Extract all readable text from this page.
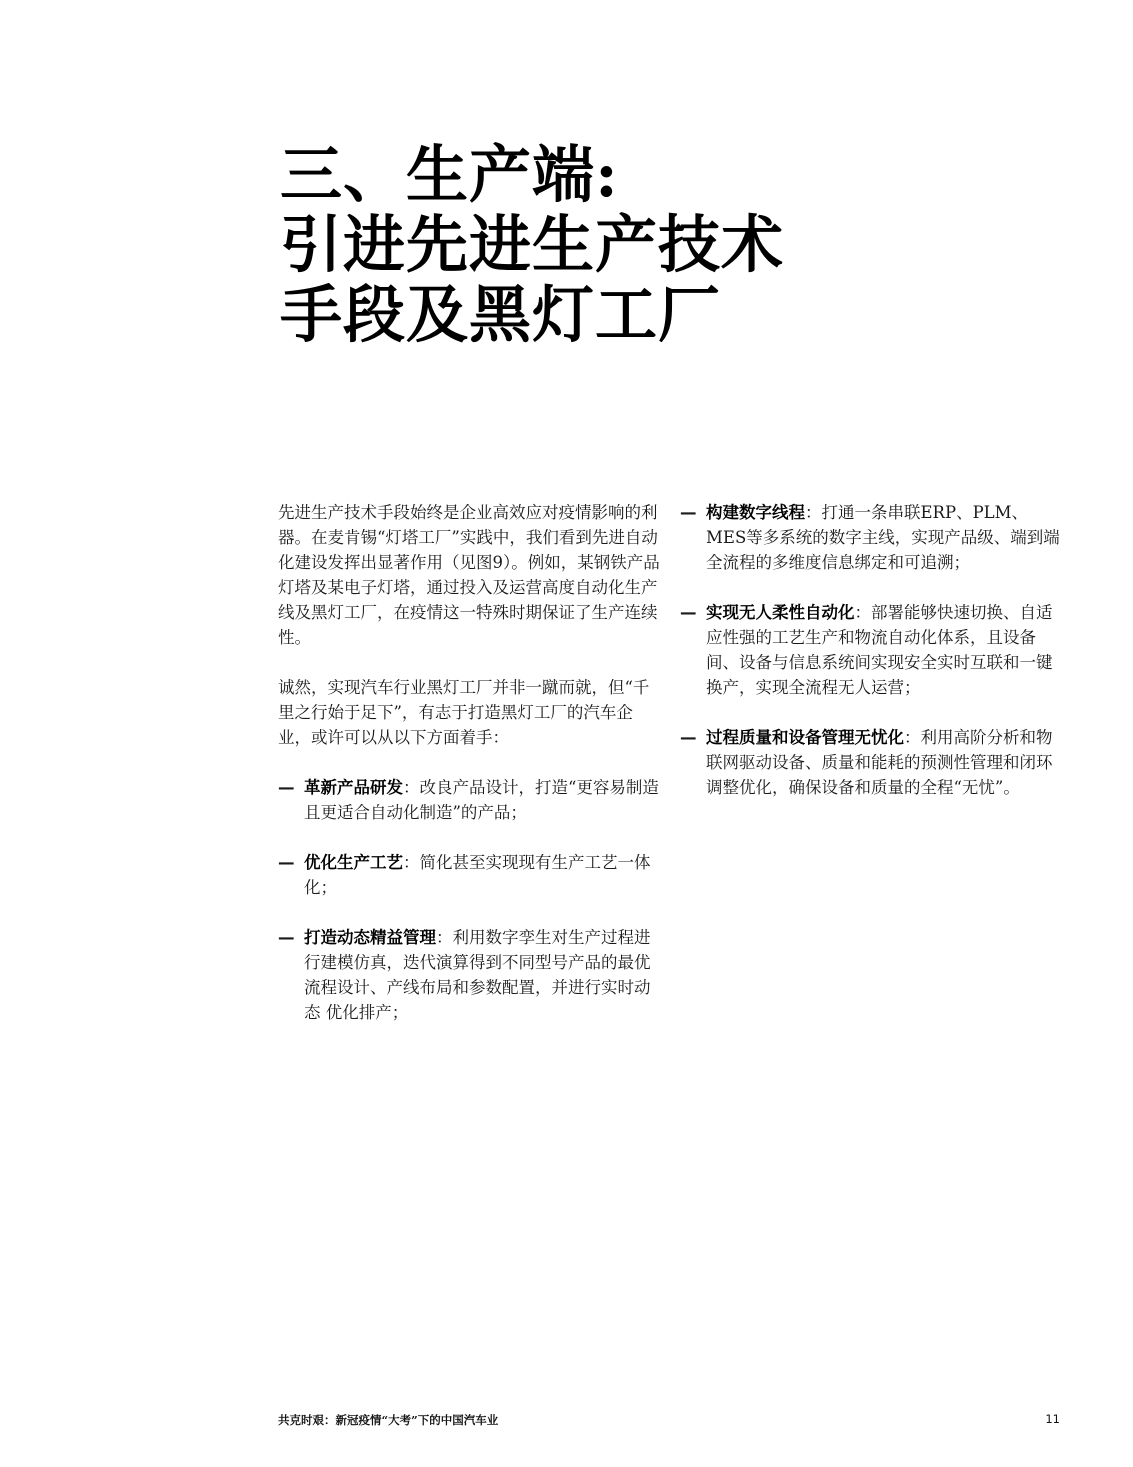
三、生产端:
引进先进生产技术
手段及黑灯工厂

先进生产技术手段始终是企业高效应对疫情影响的利器。在麦肯锡“灯塔工厂”实践中，我们看到先进自动化建设发挥出显著作用（见图9）。例如，某钢铁产品灯塔及某电子灯塔，通过投入及运营高度自动化生产线及黑灯工厂，在疫情这一特殊时期保证了生产连续性。

诚然，实现汽车行业黑灯工厂并非一蹴而就，但“千里之行始于足下”，有志于打造黑灯工厂的汽车企业，或许可以从以下方面着手：

— 革新产品研发：改良产品设计，打造“更容易制造且更适合自动化制造”的产品；
— 优化生产工艺：简化甚至实现现有生产工艺一体化；
— 打造动态精益管理：利用数字孪生对生产过程进行建模仿真，迭代演算得到不同型号产品的最优流程设计、产线布局和参数配置，并进行实时动态 优化排产；
— 构建数字线程：打通一条串联ERP、PLM、MES等多系统的数字主线，实现产品级、端到端全流程的多维度信息绑定和可追溯；
— 实现无人柔性自动化：部署能够快速切换、自适应性强的工艺生产和物流自动化体系，且设备间、设备与信息系统间实现安全实时互联和一键换产，实现全流程无人运营；
— 过程质量和设备管理无忧化：利用高阶分析和物联网驱动设备、质量和能耗的预测性管理和闭环调整优化，确保设备和质量的全程“无忧”。
共克时艰：新冠疫情“大考”下的中国汽车业	11
